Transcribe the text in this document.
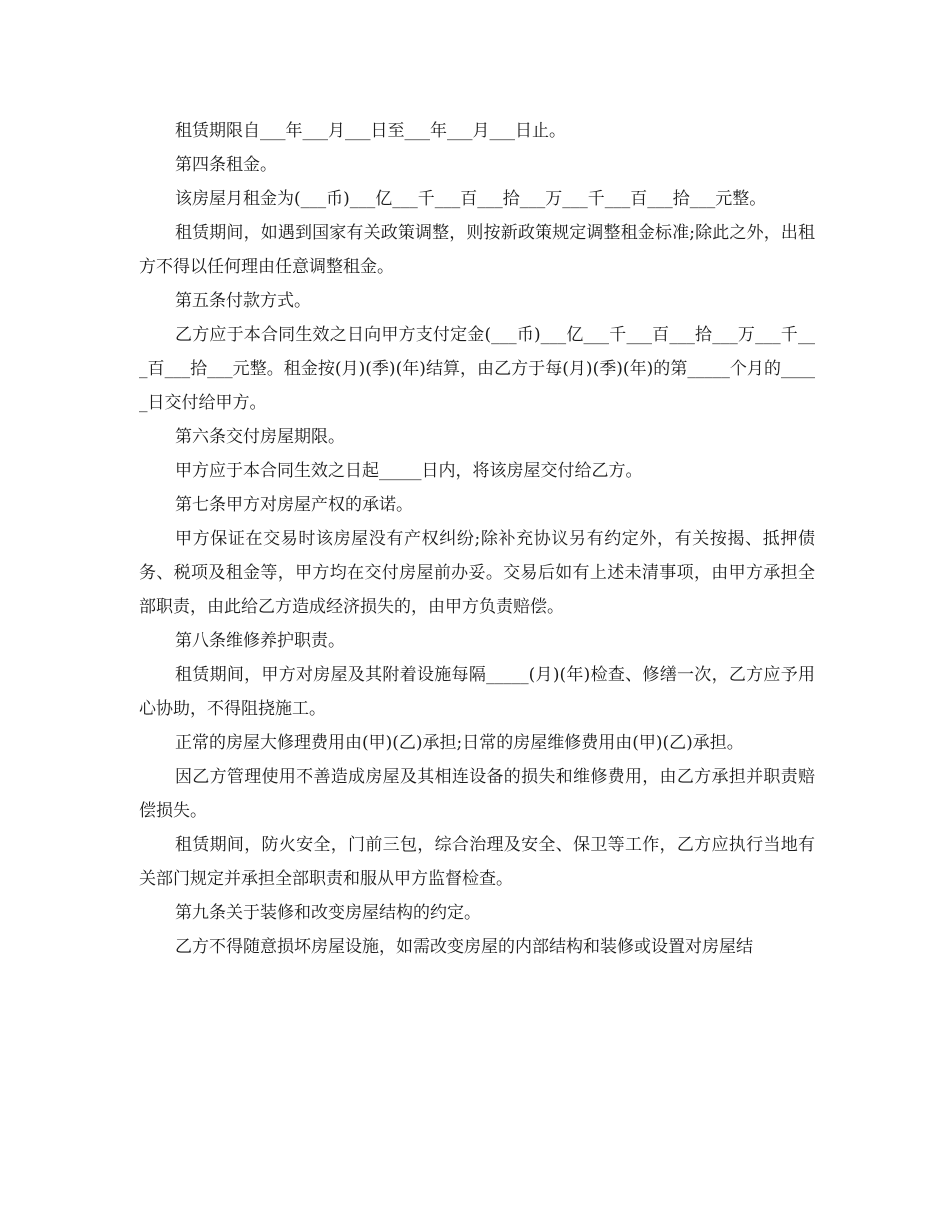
租赁期限自___年___月___日至___年___月___日止。

第四条租金。

该房屋月租金为(___币)___亿___千___百___拾___万___千___百___拾___元整。

租赁期间，如遇到国家有关政策调整，则按新政策规定调整租金标准;除此之外，出租方不得以任何理由任意调整租金。

第五条付款方式。

乙方应于本合同生效之日向甲方支付定金(___币)___亿___千___百___拾___万___千___百___拾___元整。租金按(月)(季)(年)结算，由乙方于每(月)(季)(年)的第_____个月的_____日交付给甲方。

第六条交付房屋期限。

甲方应于本合同生效之日起_____日内，将该房屋交付给乙方。

第七条甲方对房屋产权的承诺。

甲方保证在交易时该房屋没有产权纠纷;除补充协议另有约定外，有关按揭、抵押债务、税项及租金等，甲方均在交付房屋前办妥。交易后如有上述未清事项，由甲方承担全部职责，由此给乙方造成经济损失的，由甲方负责赔偿。

第八条维修养护职责。

租赁期间，甲方对房屋及其附着设施每隔_____(月)(年)检查、修缮一次，乙方应予用心协助，不得阻挠施工。

正常的房屋大修理费用由(甲)(乙)承担;日常的房屋维修费用由(甲)(乙)承担。

因乙方管理使用不善造成房屋及其相连设备的损失和维修费用，由乙方承担并职责赔偿损失。

租赁期间，防火安全，门前三包，综合治理及安全、保卫等工作，乙方应执行当地有关部门规定并承担全部职责和服从甲方监督检查。

第九条关于装修和改变房屋结构的约定。

乙方不得随意损坏房屋设施，如需改变房屋的内部结构和装修或设置对房屋结
